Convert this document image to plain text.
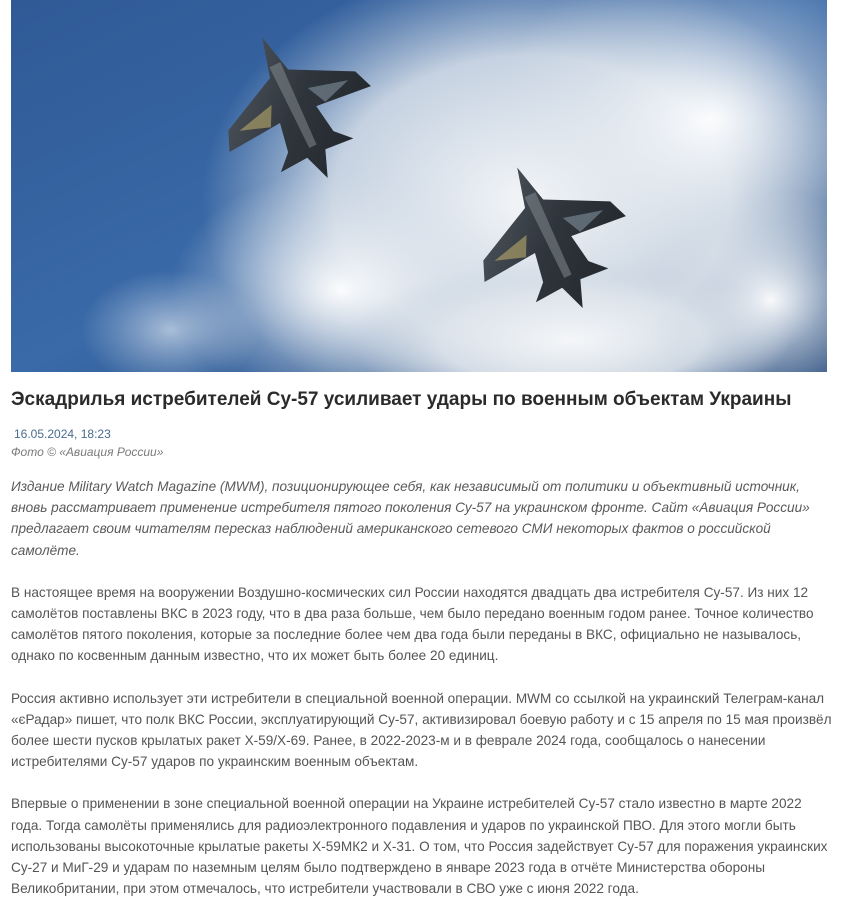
Эскадрилья истребителей Су-57 усиливает удары по военным объектам Украины
16.05.2024, 18:23
Фото © «Авиация России»

Издание Military Watch Magazine (MWM), позиционирующее себя, как независимый от политики и объективный источник, вновь рассматривает применение истребителя пятого поколения Су-57 на украинском фронте. Сайт «Авиация России» предлагает своим читателям пересказ наблюдений американского сетевого СМИ некоторых фактов о российской самолёте.

В настоящее время на вооружении Воздушно-космических сил России находятся двадцать два истребителя Су-57. Из них 12 самолётов поставлены ВКС в 2023 году, что в два раза больше, чем было передано военным годом ранее. Точное количество самолётов пятого поколения, которые за последние более чем два года были переданы в ВКС, официально не называлось, однако по косвенным данным известно, что их может быть более 20 единиц.

Россия активно использует эти истребители в специальной военной операции. MWM со ссылкой на украинский Телеграм-канал «єРадар» пишет, что полк ВКС России, эксплуатирующий Су-57, активизировал боевую работу и с 15 апреля по 15 мая произвёл более шести пусков крылатых ракет Х-59/Х-69. Ранее, в 2022-2023-м и в феврале 2024 года, сообщалось о нанесении истребителями Су-57 ударов по украинским военным объектам.

Впервые о применении в зоне специальной военной операции на Украине истребителей Су-57 стало известно в марте 2022 года. Тогда самолёты применялись для радиоэлектронного подавления и ударов по украинской ПВО. Для этого могли быть использованы высокоточные крылатые ракеты Х-59МК2 и Х-31. О том, что Россия задействует Су-57 для поражения украинских Су-27 и МиГ-29 и ударам по наземным целям было подтверждено в январе 2023 года в отчёте Министерства обороны Великобритании, при этом отмечалось, что истребители участвовали в СВО уже с июня 2022 года.
